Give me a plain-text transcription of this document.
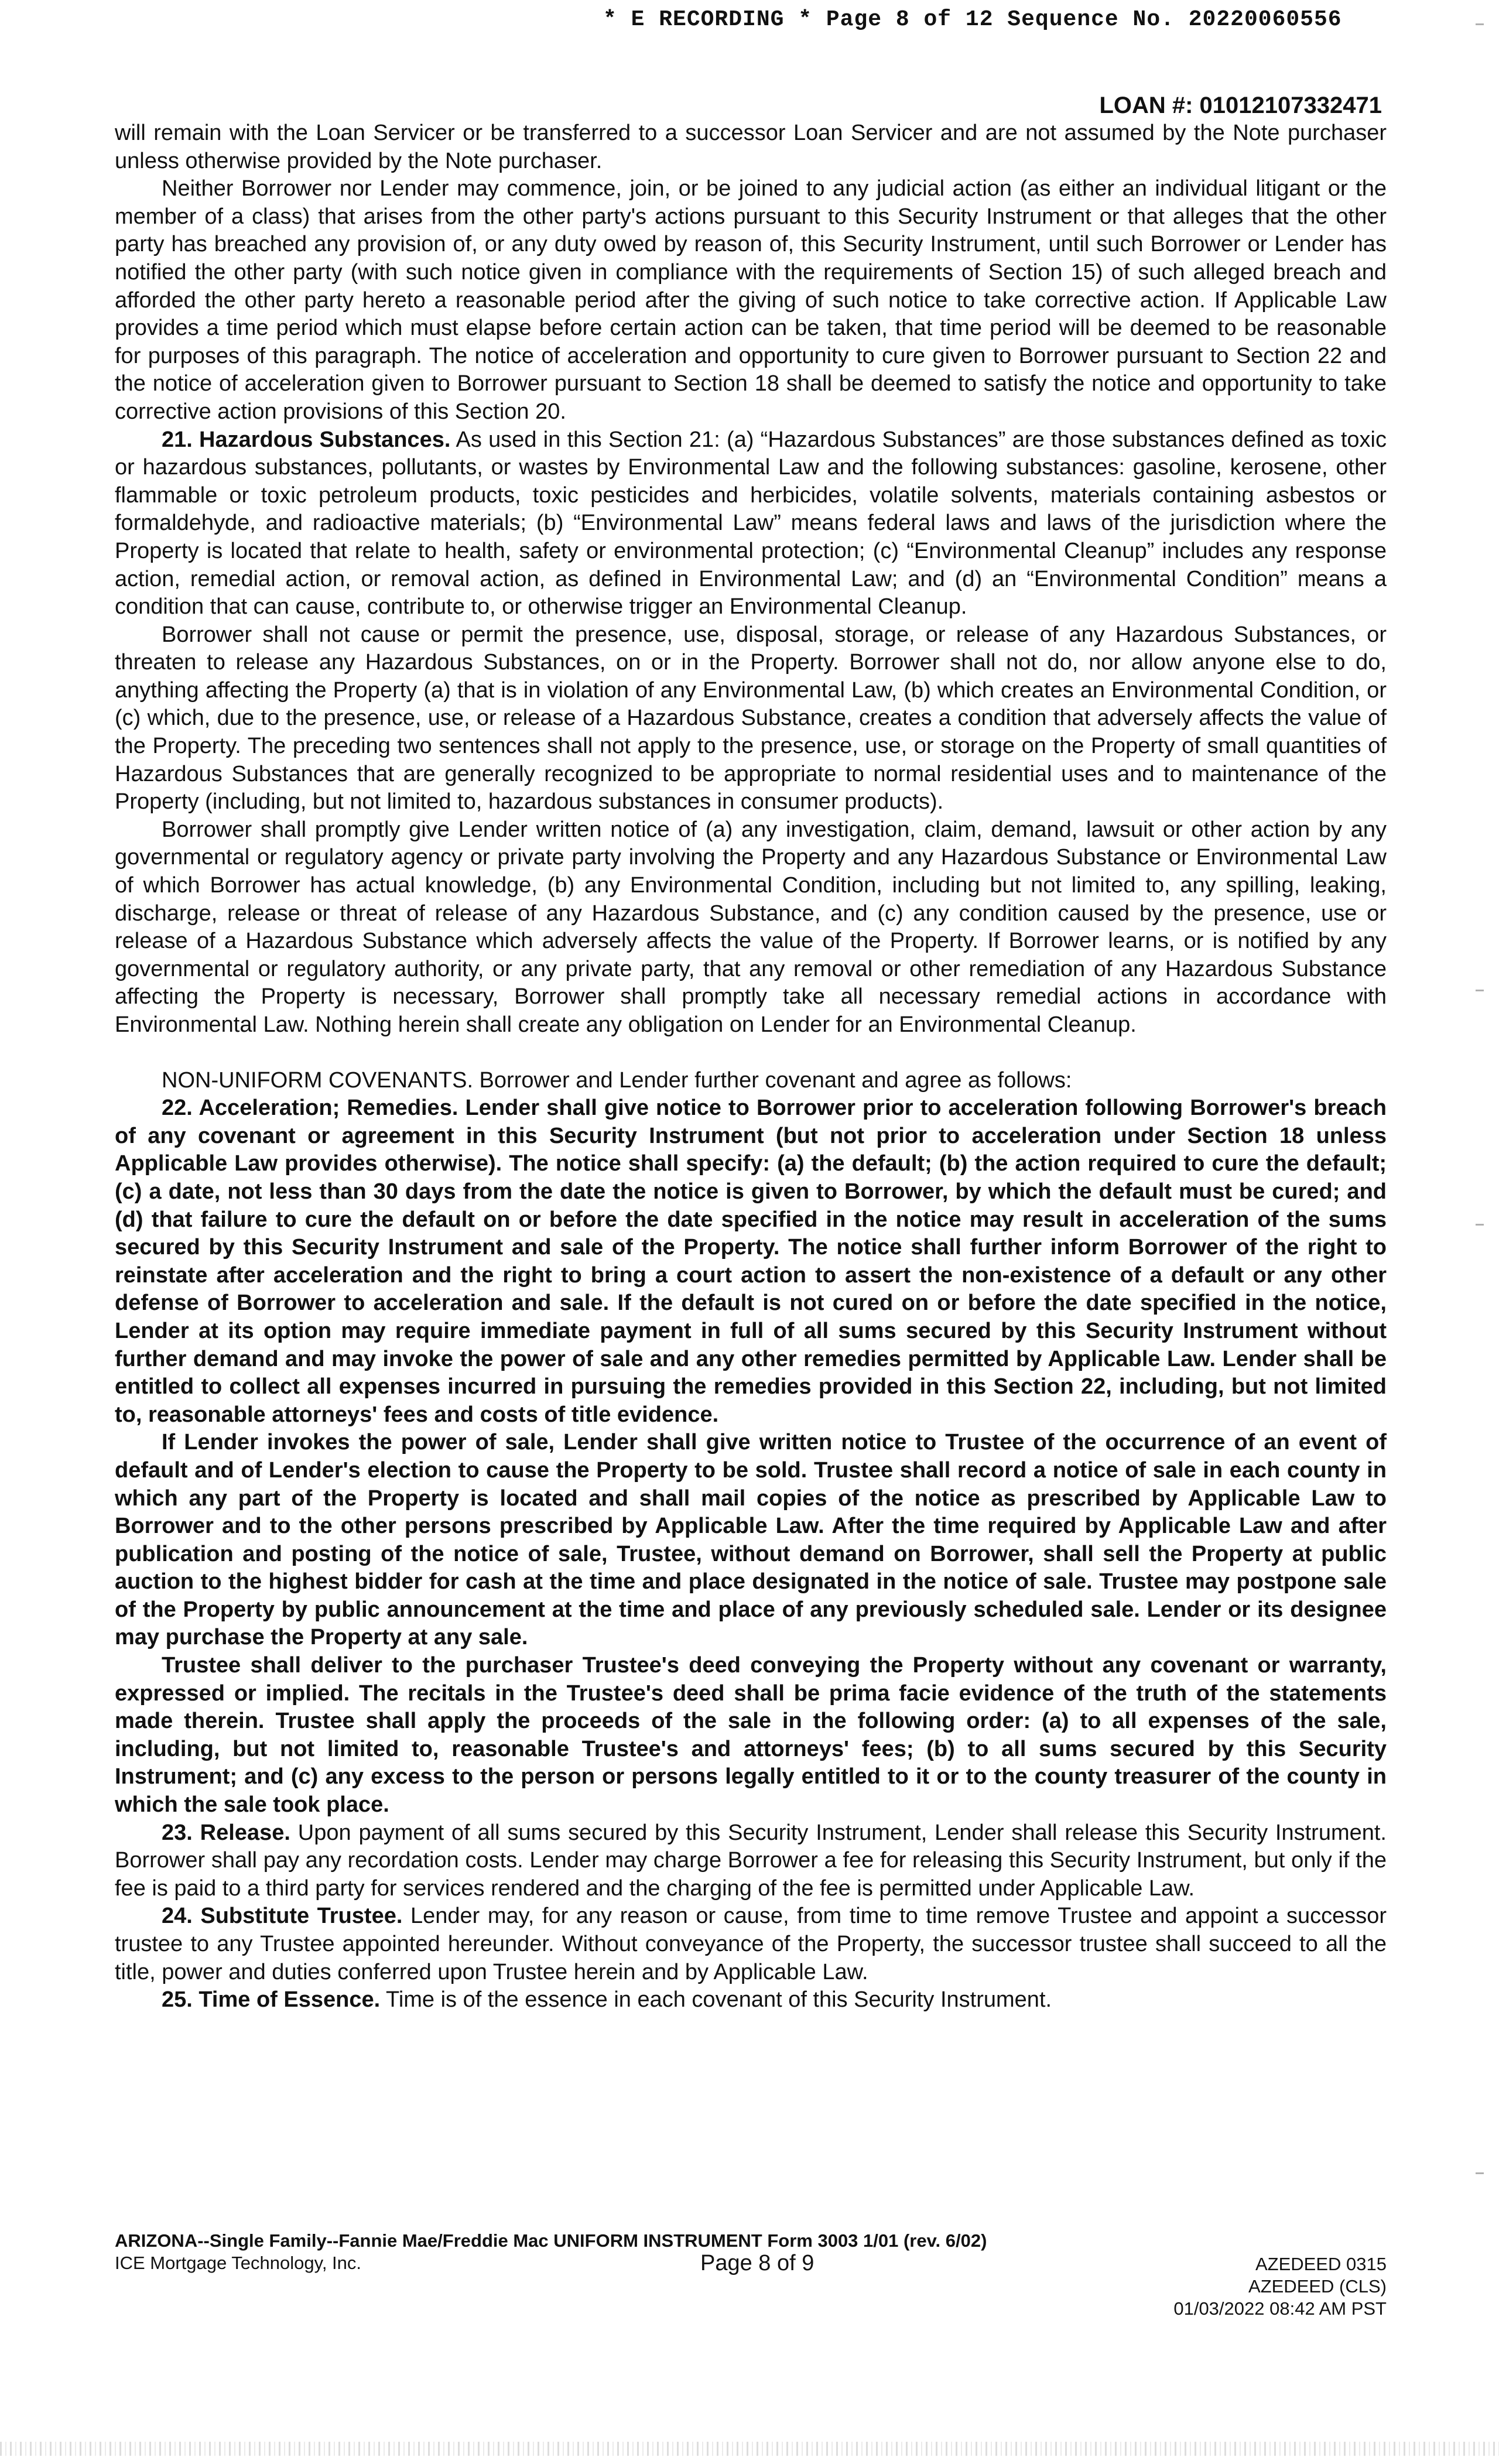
* E RECORDING * Page 8 of 12 Sequence No. 20220060556
LOAN #: 01012107332471

will remain with the Loan Servicer or be transferred to a successor Loan Servicer and are not assumed by the Note purchaser unless otherwise provided by the Note purchaser.

Neither Borrower nor Lender may commence, join, or be joined to any judicial action (as either an individual litigant or the member of a class) that arises from the other party's actions pursuant to this Security Instrument or that alleges that the other party has breached any provision of, or any duty owed by reason of, this Security Instrument, until such Borrower or Lender has notified the other party (with such notice given in compliance with the requirements of Section 15) of such alleged breach and afforded the other party hereto a reasonable period after the giving of such notice to take corrective action. If Applicable Law provides a time period which must elapse before certain action can be taken, that time period will be deemed to be reasonable for purposes of this paragraph. The notice of acceleration and opportunity to cure given to Borrower pursuant to Section 22 and the notice of acceleration given to Borrower pursuant to Section 18 shall be deemed to satisfy the notice and opportunity to take corrective action provisions of this Section 20.

21. Hazardous Substances. As used in this Section 21: (a) “Hazardous Substances” are those substances defined as toxic or hazardous substances, pollutants, or wastes by Environmental Law and the following substances: gasoline, kerosene, other flammable or toxic petroleum products, toxic pesticides and herbicides, volatile solvents, materials containing asbestos or formaldehyde, and radioactive materials; (b) “Environmental Law” means federal laws and laws of the jurisdiction where the Property is located that relate to health, safety or environmental protection; (c) “Environmental Cleanup” includes any response action, remedial action, or removal action, as defined in Environmental Law; and (d) an “Environmental Condition” means a condition that can cause, contribute to, or otherwise trigger an Environmental Cleanup.

Borrower shall not cause or permit the presence, use, disposal, storage, or release of any Hazardous Substances, or threaten to release any Hazardous Substances, on or in the Property. Borrower shall not do, nor allow anyone else to do, anything affecting the Property (a) that is in violation of any Environmental Law, (b) which creates an Environmental Condition, or (c) which, due to the presence, use, or release of a Hazardous Substance, creates a condition that adversely affects the value of the Property. The preceding two sentences shall not apply to the presence, use, or storage on the Property of small quantities of Hazardous Substances that are generally recognized to be appropriate to normal residential uses and to maintenance of the Property (including, but not limited to, hazardous substances in consumer products).

Borrower shall promptly give Lender written notice of (a) any investigation, claim, demand, lawsuit or other action by any governmental or regulatory agency or private party involving the Property and any Hazardous Substance or Environmental Law of which Borrower has actual knowledge, (b) any Environmental Condition, including but not limited to, any spilling, leaking, discharge, release or threat of release of any Hazardous Substance, and (c) any condition caused by the presence, use or release of a Hazardous Substance which adversely affects the value of the Property. If Borrower learns, or is notified by any governmental or regulatory authority, or any private party, that any removal or other remediation of any Hazardous Substance affecting the Property is necessary, Borrower shall promptly take all necessary remedial actions in accordance with Environmental Law. Nothing herein shall create any obligation on Lender for an Environmental Cleanup.

NON-UNIFORM COVENANTS. Borrower and Lender further covenant and agree as follows:

22. Acceleration; Remedies. Lender shall give notice to Borrower prior to acceleration following Borrower's breach of any covenant or agreement in this Security Instrument (but not prior to acceleration under Section 18 unless Applicable Law provides otherwise). The notice shall specify: (a) the default; (b) the action required to cure the default; (c) a date, not less than 30 days from the date the notice is given to Borrower, by which the default must be cured; and (d) that failure to cure the default on or before the date specified in the notice may result in acceleration of the sums secured by this Security Instrument and sale of the Property. The notice shall further inform Borrower of the right to reinstate after acceleration and the right to bring a court action to assert the non-existence of a default or any other defense of Borrower to acceleration and sale. If the default is not cured on or before the date specified in the notice, Lender at its option may require immediate payment in full of all sums secured by this Security Instrument without further demand and may invoke the power of sale and any other remedies permitted by Applicable Law. Lender shall be entitled to collect all expenses incurred in pursuing the remedies provided in this Section 22, including, but not limited to, reasonable attorneys' fees and costs of title evidence.

If Lender invokes the power of sale, Lender shall give written notice to Trustee of the occurrence of an event of default and of Lender's election to cause the Property to be sold. Trustee shall record a notice of sale in each county in which any part of the Property is located and shall mail copies of the notice as prescribed by Applicable Law to Borrower and to the other persons prescribed by Applicable Law. After the time required by Applicable Law and after publication and posting of the notice of sale, Trustee, without demand on Borrower, shall sell the Property at public auction to the highest bidder for cash at the time and place designated in the notice of sale. Trustee may postpone sale of the Property by public announcement at the time and place of any previously scheduled sale. Lender or its designee may purchase the Property at any sale.

Trustee shall deliver to the purchaser Trustee's deed conveying the Property without any covenant or warranty, expressed or implied. The recitals in the Trustee's deed shall be prima facie evidence of the truth of the statements made therein. Trustee shall apply the proceeds of the sale in the following order: (a) to all expenses of the sale, including, but not limited to, reasonable Trustee's and attorneys' fees; (b) to all sums secured by this Security Instrument; and (c) any excess to the person or persons legally entitled to it or to the county treasurer of the county in which the sale took place.

23. Release. Upon payment of all sums secured by this Security Instrument, Lender shall release this Security Instrument. Borrower shall pay any recordation costs. Lender may charge Borrower a fee for releasing this Security Instrument, but only if the fee is paid to a third party for services rendered and the charging of the fee is permitted under Applicable Law.

24. Substitute Trustee. Lender may, for any reason or cause, from time to time remove Trustee and appoint a successor trustee to any Trustee appointed hereunder. Without conveyance of the Property, the successor trustee shall succeed to all the title, power and duties conferred upon Trustee herein and by Applicable Law.

25. Time of Essence. Time is of the essence in each covenant of this Security Instrument.

ARIZONA--Single Family--Fannie Mae/Freddie Mac UNIFORM INSTRUMENT Form 3003 1/01 (rev. 6/02)
ICE Mortgage Technology, Inc.	Page 8 of 9	AZEDEED 0315
AZEDEED (CLS)
01/03/2022 08:42 AM PST
